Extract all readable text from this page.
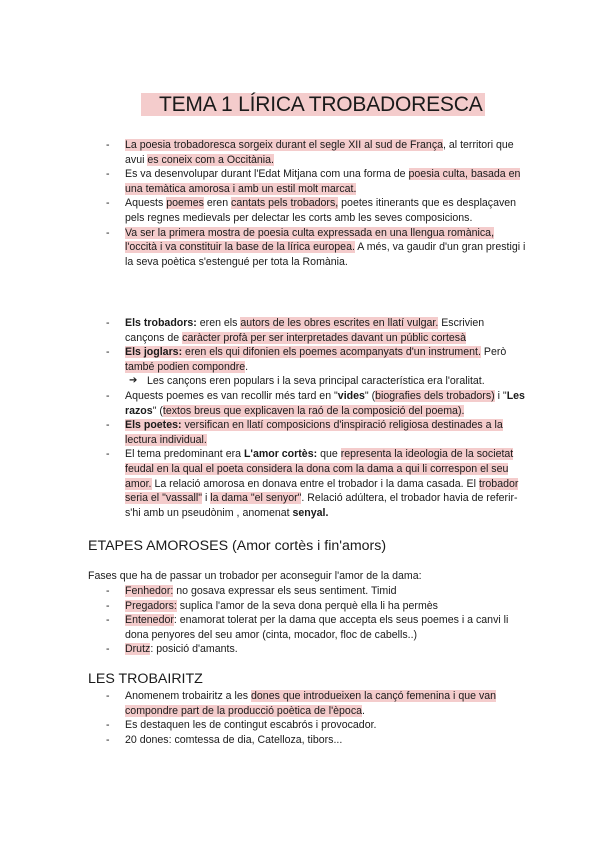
TEMA 1 LÍRICA TROBADORESCA
- La poesia trobadoresca sorgeix durant el segle XII al sud de França, al territori que avui es coneix com a Occitània.
- Es va desenvolupar durant l'Edat Mitjana com una forma de poesia culta, basada en una temàtica amorosa i amb un estil molt marcat.
- Aquests poemes eren cantats pels trobadors, poetes itinerants que es desplaçaven pels regnes medievals per delectar les corts amb les seves composicions.
- Va ser la primera mostra de poesia culta expressada en una llengua romànica, l'occità i va constituir la base de la lírica europea. A més, va gaudir d'un gran prestigi i la seva poètica s'estengué per tota la Romània.
- Els trobadors: eren els autors de les obres escrites en llatí vulgar. Escrivien cançons de caràcter profà per ser interpretades davant un públic cortesà
- Els joglars: eren els qui difonien els poemes acompanyats d'un instrument. Però també podien compondre.
➔ Les cançons eren populars i la seva principal característica era l'oralitat.
- Aquests poemes es van recollir més tard en "vides" (biografies dels trobadors) i "Les razos" (textos breus que explicaven la raó de la composició del poema).
- Els poetes: versifican en llatí composicions d'inspiració religiosa destinades a la lectura individual.
- El tema predominant era L'amor cortès: que representa la ideologia de la societat feudal en la qual el poeta considera la dona com la dama a qui li correspon el seu amor. La relació amorosa en donava entre el trobador i la dama casada. El trobador seria el "vassall" i la dama "el senyor". Relació adúltera, el trobador havia de referir-s'hi amb un pseudònim , anomenat senyal.
ETAPES AMOROSES (Amor cortès i fin'amors)

Fases que ha de passar un trobador per aconseguir l'amor de la dama:

- Fenhedor: no gosava expressar els seus sentiment. Timid
- Pregadors: suplica l'amor de la seva dona perquè ella li ha permès
- Entenedor: enamorat tolerat per la dama que accepta els seus poemes i a canvi li dona penyores del seu amor (cinta, mocador, floc de cabells..)
- Drutz: posició d'amants.
LES TROBAIRITZ
- Anomenem trobairitz a les dones que introdueixen la cançó femenina i que van compondre part de la producció poètica de l'època.
- Es destaquen les de contingut escabrós i provocador.
- 20 dones: comtessa de dia, Catelloza, tibors...
